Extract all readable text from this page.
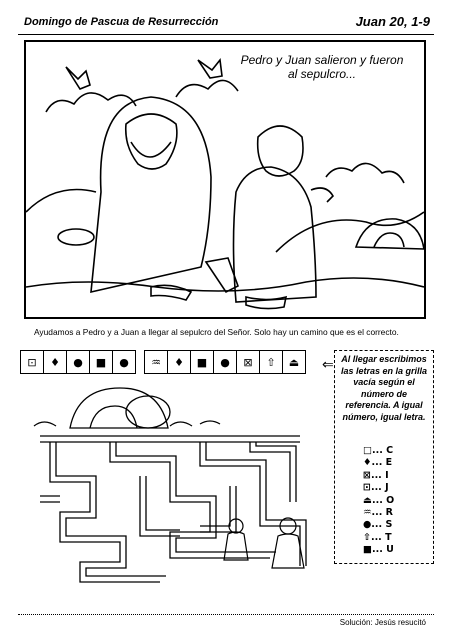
Domingo de Pascua de Resurrección	Juan 20, 1-9
Pedro y Juan salieron y fueron al sepulcro...
Ayudamos a Pedro y a Juan a llegar al sepulcro del Señor. Solo hay un camino que es el correcto.
⊡	♦	●	■	●	♒	♦	■	●	⊠	⇧	⏏	⇐ Al llegar escribimos las letras en la grilla vacía según el número de referencia. A igual número, igual letra.
□... C
♦... E
⊠... I
⊡... J
⏏... O
♒... R
●... S
⇧... T
■... U
Solución: Jesús resucitó
